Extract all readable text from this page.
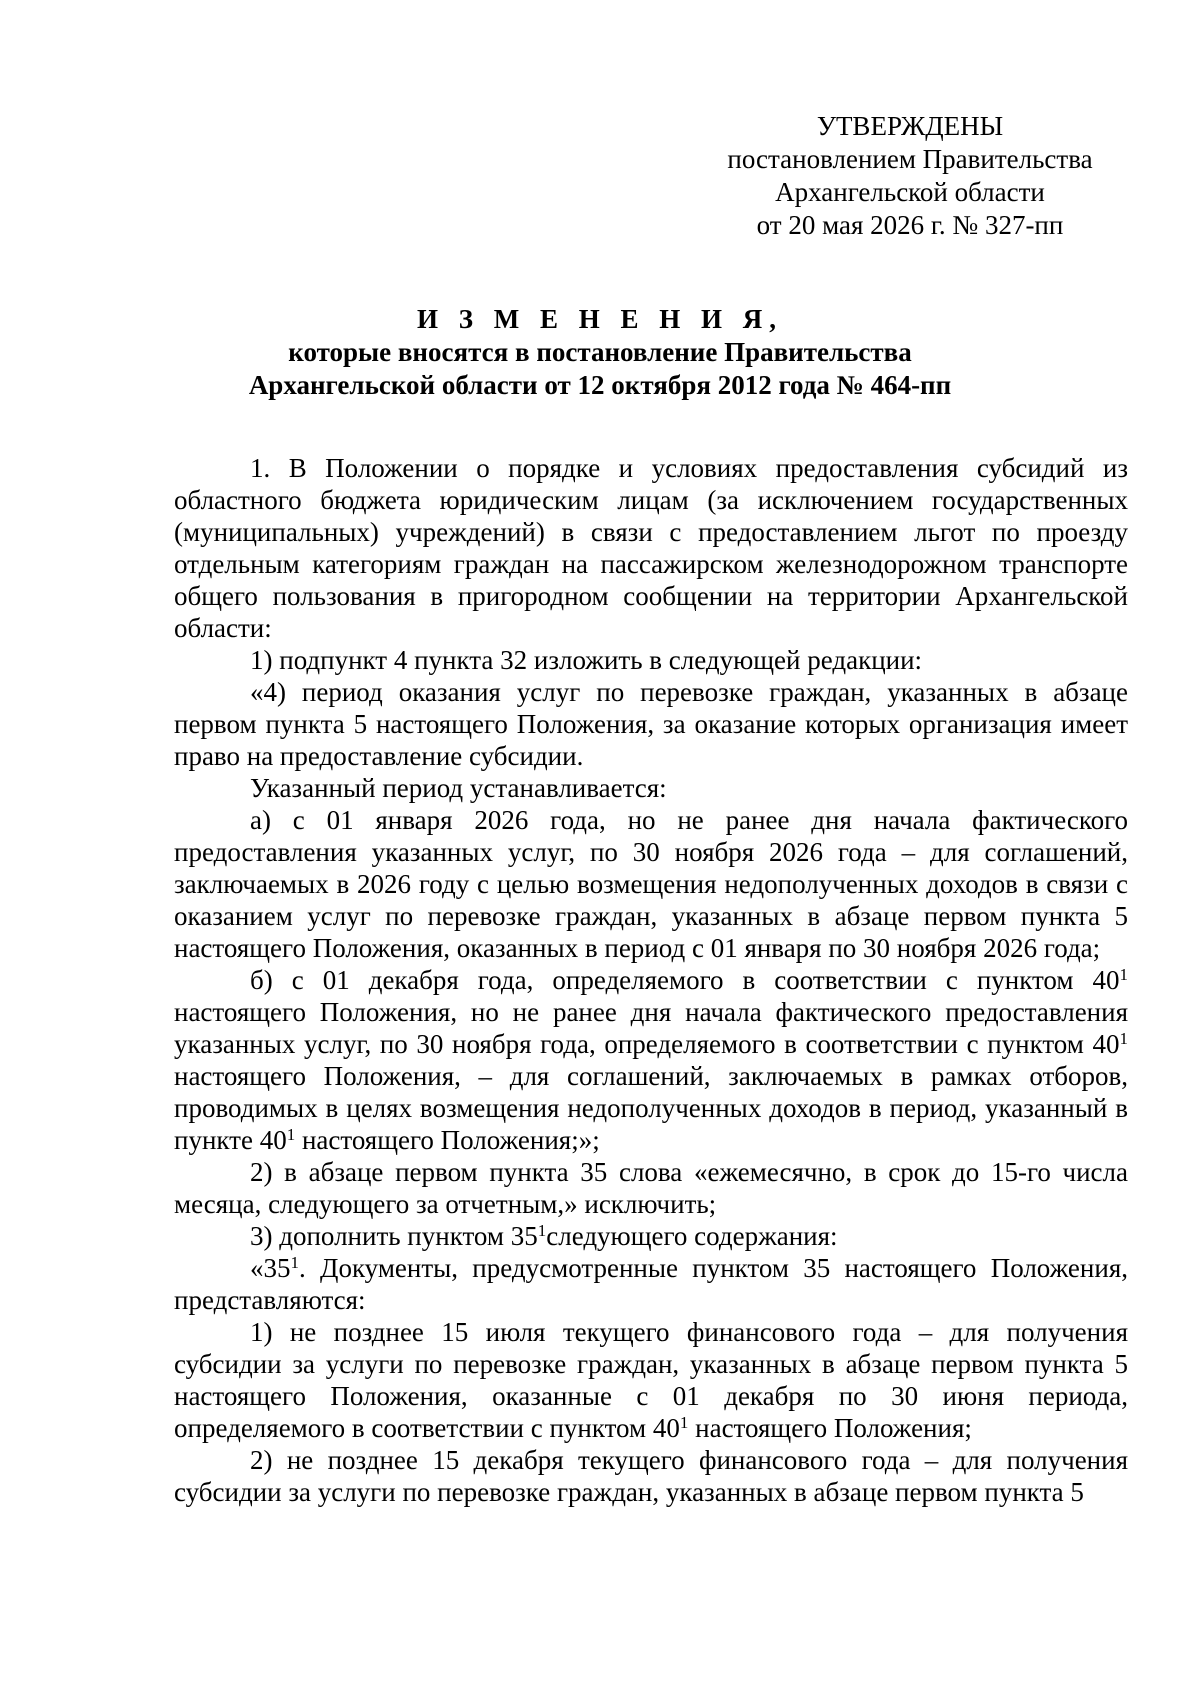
УТВЕРЖДЕНЫ
постановлением Правительства
Архангельской области
от 20 мая 2026 г. № 327-пп
И З М Е Н Е Н И Я,
которые вносятся в постановление Правительства
Архангельской области от 12 октября 2012 года № 464-пп

1. В Положении о порядке и условиях предоставления субсидий из областного бюджета юридическим лицам (за исключением государственных (муниципальных) учреждений) в связи с предоставлением льгот по проезду отдельным категориям граждан на пассажирском железнодорожном транспорте общего пользования в пригородном сообщении на территории Архангельской области:

1) подпункт 4 пункта 32 изложить в следующей редакции:

«4) период оказания услуг по перевозке граждан, указанных в абзаце первом пункта 5 настоящего Положения, за оказание которых организация имеет право на предоставление субсидии.

Указанный период устанавливается:

а) с 01 января 2026 года, но не ранее дня начала фактического предоставления указанных услуг, по 30 ноября 2026 года – для соглашений, заключаемых в 2026 году с целью возмещения недополученных доходов в связи с оказанием услуг по перевозке граждан, указанных в абзаце первом пункта 5 настоящего Положения, оказанных в период с 01 января по 30 ноября 2026 года;

б) с 01 декабря года, определяемого в соответствии с пунктом $40^1$ настоящего Положения, но не ранее дня начала фактического предоставления указанных услуг, по 30 ноября года, определяемого в соответствии с пунктом $40^1$ настоящего Положения, – для соглашений, заключаемых в рамках отборов, проводимых в целях возмещения недополученных доходов в период, указанный в пункте $40^1$ настоящего Положения;»;

2) в абзаце первом пункта 35 слова «ежемесячно, в срок до 15-го числа месяца, следующего за отчетным,» исключить;

3) дополнить пунктом $35^1следующего$ содержания:

«$35^1$. Документы, предусмотренные пунктом 35 настоящего Положения, представляются:

1) не позднее 15 июля текущего финансового года – для получения субсидии за услуги по перевозке граждан, указанных в абзаце первом пункта 5 настоящего Положения, оказанные с 01 декабря по 30 июня периода, определяемого в соответствии с пунктом $40^1$ настоящего Положения;

2) не позднее 15 декабря текущего финансового года – для получения субсидии за услуги по перевозке граждан, указанных в абзаце первом пункта 5
